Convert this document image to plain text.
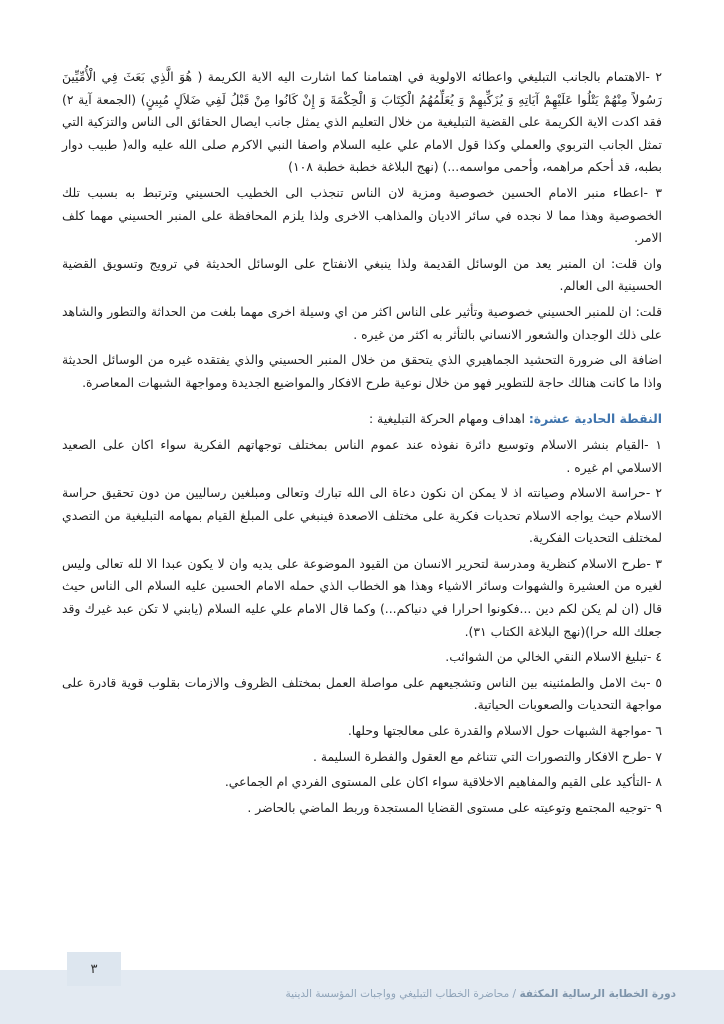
٢ -الاهتمام بالجانب التبليغي واعطائه الاولوية في اهتمامنا كما اشارت اليه الاية الكريمة ( هُوَ الَّذِي بَعَثَ فِي الْأُمِّيِّينَ رَسُولاً مِنْهُمْ يَتْلُوا عَلَيْهِمْ آيَاتِهِ وَ يُزَكِّيهِمْ وَ يُعَلِّمُهُمُ الْكِتَابَ وَ الْحِكْمَةَ وَ إِنْ كَانُوا مِنْ قَبْلُ لَفِي ضَلاَلٍ مُبِينٍ) (الجمعة آية ٢) فقد اكدت الاية الكريمة على القضية التبليغية من خلال التعليم الذي يمثل جانب ايصال الحقائق الى الناس والتزكية التي تمثل الجانب التربوي والعملي وكذا قول الامام علي عليه السلام واصفا النبي الاكرم صلى الله عليه واله( طبيب دوار بطبه، قد أحكم مراهمه، وأحمى مواسمه...) (نهج البلاغة خطبة خطبة ١٠٨)

٣ -اعطاء منبر الامام الحسين خصوصية ومزية لان الناس تنجذب الى الخطيب الحسيني وترتبط به بسبب تلك الخصوصية وهذا مما لا نجده في سائر الاديان والمذاهب الاخرى ولذا يلزم المحافظة على المنبر الحسيني مهما كلف الامر.

وان قلت: ان المنبر يعد من الوسائل القديمة ولذا ينبغي الانفتاح على الوسائل الحديثة في ترويج وتسويق القضية الحسينية الى العالم.

قلت: ان للمنبر الحسيني خصوصية وتأثير على الناس اكثر من اي وسيلة اخرى مهما بلغت من الحداثة والتطور والشاهد على ذلك الوجدان والشعور الانساني بالتأثر به اكثر من غيره .

اضافة الى ضرورة التحشيد الجماهيري الذي يتحقق من خلال المنبر الحسيني والذي يفتقده غيره من الوسائل الحديثة واذا ما كانت هنالك حاجة للتطوير فهو من خلال نوعية طرح الافكار والمواضيع الجديدة ومواجهة الشبهات المعاصرة.

النقطة الحادية عشرة: اهداف ومهام الحركة التبليغية :

١ -القيام بنشر الاسلام وتوسيع دائرة نفوذه عند عموم الناس بمختلف توجهاتهم الفكرية سواء اكان على الصعيد الاسلامي ام غيره .

٢ -حراسة الاسلام وصيانته اذ لا يمكن ان نكون دعاة الى الله تبارك وتعالى ومبلغين رساليين من دون تحقيق حراسة الاسلام حيث يواجه الاسلام تحديات فكرية على مختلف الاصعدة فينبغي على المبلغ القيام بمهامه التبليغية من التصدي لمختلف التحديات الفكرية.

٣ -طرح الاسلام كنظرية ومدرسة لتحرير الانسان من القيود الموضوعة على يديه وان لا يكون عبدا الا لله تعالى وليس لغيره من العشيرة والشهوات وسائر الاشياء وهذا هو الخطاب الذي حمله الامام الحسين عليه السلام الى الناس حيث قال (ان لم يكن لكم دين ...فكونوا احرارا في دنياكم...) وكما قال الامام علي عليه السلام (يابني لا تكن عبد غيرك وقد جعلك الله حرا)(نهج البلاغة الكتاب ٣١).

٤ -تبليغ الاسلام النقي الخالي من الشوائب.

٥ -بث الامل والطمئنينه بين الناس وتشجيعهم على مواصلة العمل بمختلف الظروف والازمات بقلوب قوية قادرة على مواجهة التحديات والصعوبات الحياتية.

٦ -مواجهة الشبهات حول الاسلام والقدرة على معالجتها وحلها.

٧ -طرح الافكار والتصورات التي تتناغم مع العقول والفطرة السليمة .

٨ -التأكيد على القيم والمفاهيم الاخلاقية سواء اكان على المستوى الفردي ام الجماعي.

٩ -توجيه المجتمع وتوعيته على مستوى القضايا المستجدة وربط الماضي بالحاضر .

٣
دورة الخطابة الرسالية المكثفة / محاضرة الخطاب التبليغي وواجبات المؤسسة الدينية
